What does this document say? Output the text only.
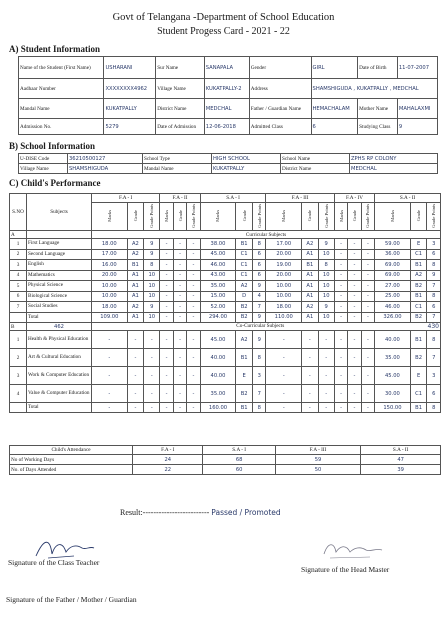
Govt of Telangana -Department of School Education
Student Progess Card - 2021 - 22
A) Student Information
Name of the Student (First Name)	USHARANI	Sur Name	SANAPALA	Gender	GIRL	Date of Birth	11-07-2007
Aadhaar Number	XXXXXXXX4962	Village Name	KUKATPALLY-2	Address	SHAMSHIGUDA , KUKATPALLY , MEDCHAL		
Mandal Name	KUKATPALLY	District Name	MEDCHAL	Father / Guardian Name	HEMACHALAM	Mother Name	MAHALAXMI
Admission No.	5279	Date of Admission	12-06-2018	Admitted Class	6	Studying Class	9
B) School Information
U-DISE Code	36210500127	School Type	HIGH SCHOOL	School Name	ZPHS RP COLONY
Village Name	SHAMSHIGUDA	Mandal Name	KUKATPALLY	District Name	MEDCHAL
C) Child's Performance
S.NO	Subjects	F.A - I			F.A - II			S.A - I			F.A - III			F.A - IV			S.A - II		
		Marks	Grade	Grade Points	Marks	Grade	Grade Points	Marks	Grade	Grade Points	Marks	Grade	Grade Points	Marks	Grade	Grade Points	Marks	Grade	Grade Points
A		Curricular Subjects																	
1	First Language	18.00	A2	9	-	-	-	38.00	B1	8	17.00	A2	9	-	-	-	59.00	E	3
2	Second Language	17.00	A2	9	-	-	-	45.00	C1	6	20.00	A1	10	-	-	-	36.00	C1	6
3	English	16.00	B1	8	-	-	-	46.00	C1	6	19.00	B1	8	-	-	-	69.00	B1	8
4	Mathematics	20.00	A1	10	-	-	-	43.00	C1	6	20.00	A1	10	-	-	-	69.00	A2	9
5	Physical Science	10.00	A1	10	-	-	-	35.00	A2	9	10.00	A1	10	-	-	-	27.00	B2	7
6	Biological Science	10.00	A1	10	-	-	-	15.00	D	4	10.00	A1	10	-	-	-	25.00	B1	8
7	Social Studies	18.00	A2	9	-	-	-	52.00	B2	7	18.00	A2	9	-	-	-	46.00	C1	6
	Total	109.00	A1	10	-	-	-	294.00	B2	9	110.00	A1	10	-	-	-	326.00	B2	7
B	462	Co-Curricular Subjects 430																	

1	Health & Physical Education	-	-	-	-	-	-	45.00	A2	9	-	-	-	-	-	-	40.00	B1	8
2	Art & Cultural Education	-	-	-	-	-	-	40.00	B1	8	-	-	-	-	-	-	35.00	B2	7
3	Work & Computer Education	-	-	-	-	-	-	40.00	E	3	-	-	-	-	-	-	45.00	E	3
4	Value & Computer Education	-	-	-	-	-	-	35.00	B2	7	-	-	-	-	-	-	30.00	C1	6
	Total	-	-	-	-	-	-	160.00	B1	8	-	-	-	-	-	-	150.00	B1	8
Child's Attendance	F.A - I	S.A - I	F.A - III	S.A - II
No of Working Days	24	68	59	47
No. of Days Attended	22	60	50	39
Result:------------------------- Passed / Promoted
Signature of the Class Teacher
Signature of the Head Master
Signature of the Father / Mother / Guardian
